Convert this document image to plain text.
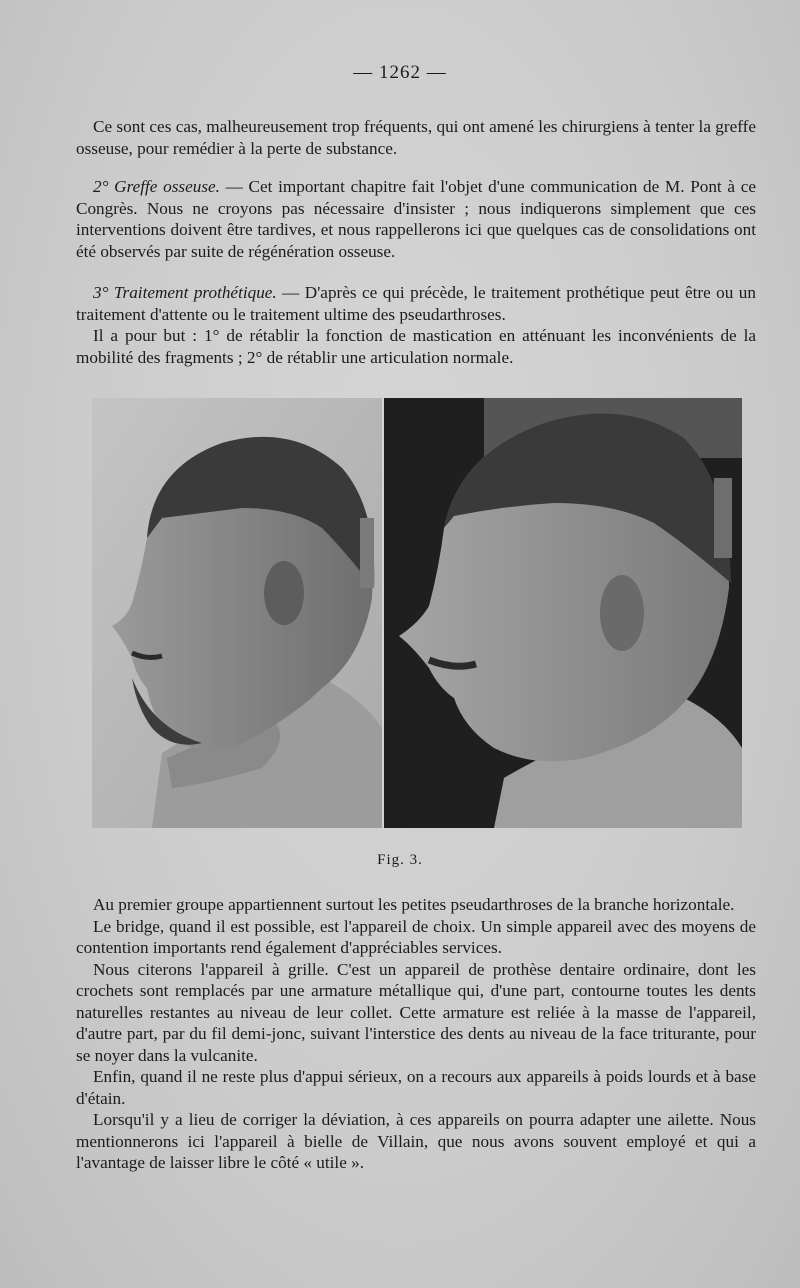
— 1262 —

Ce sont ces cas, malheureusement trop fréquents, qui ont amené les chirurgiens à tenter la greffe osseuse, pour remédier à la perte de substance.

2° Greffe osseuse. — Cet important chapitre fait l'objet d'une communication de M. Pont à ce Congrès. Nous ne croyons pas nécessaire d'insister ; nous indiquerons simplement que ces interventions doivent être tardives, et nous rappellerons ici que quelques cas de consolidations ont été observés par suite de régénération osseuse.

3° Traitement prothétique. — D'après ce qui précède, le traitement prothétique peut être ou un traitement d'attente ou le traitement ultime des pseudarthroses.

Il a pour but : 1° de rétablir la fonction de mastication en atténuant les inconvénients de la mobilité des fragments ; 2° de rétablir une articulation normale.

Fig. 3.

Au premier groupe appartiennent surtout les petites pseudarthroses de la branche horizontale.

Le bridge, quand il est possible, est l'appareil de choix. Un simple appareil avec des moyens de contention importants rend également d'appréciables services.

Nous citerons l'appareil à grille. C'est un appareil de prothèse dentaire ordinaire, dont les crochets sont remplacés par une armature métallique qui, d'une part, contourne toutes les dents naturelles restantes au niveau de leur collet. Cette armature est reliée à la masse de l'appareil, d'autre part, par du fil demi-jonc, suivant l'interstice des dents au niveau de la face triturante, pour se noyer dans la vulcanite.

Enfin, quand il ne reste plus d'appui sérieux, on a recours aux appareils à poids lourds et à base d'étain.

Lorsqu'il y a lieu de corriger la déviation, à ces appareils on pourra adapter une ailette. Nous mentionnerons ici l'appareil à bielle de Villain, que nous avons souvent employé et qui a l'avantage de laisser libre le côté « utile ».
